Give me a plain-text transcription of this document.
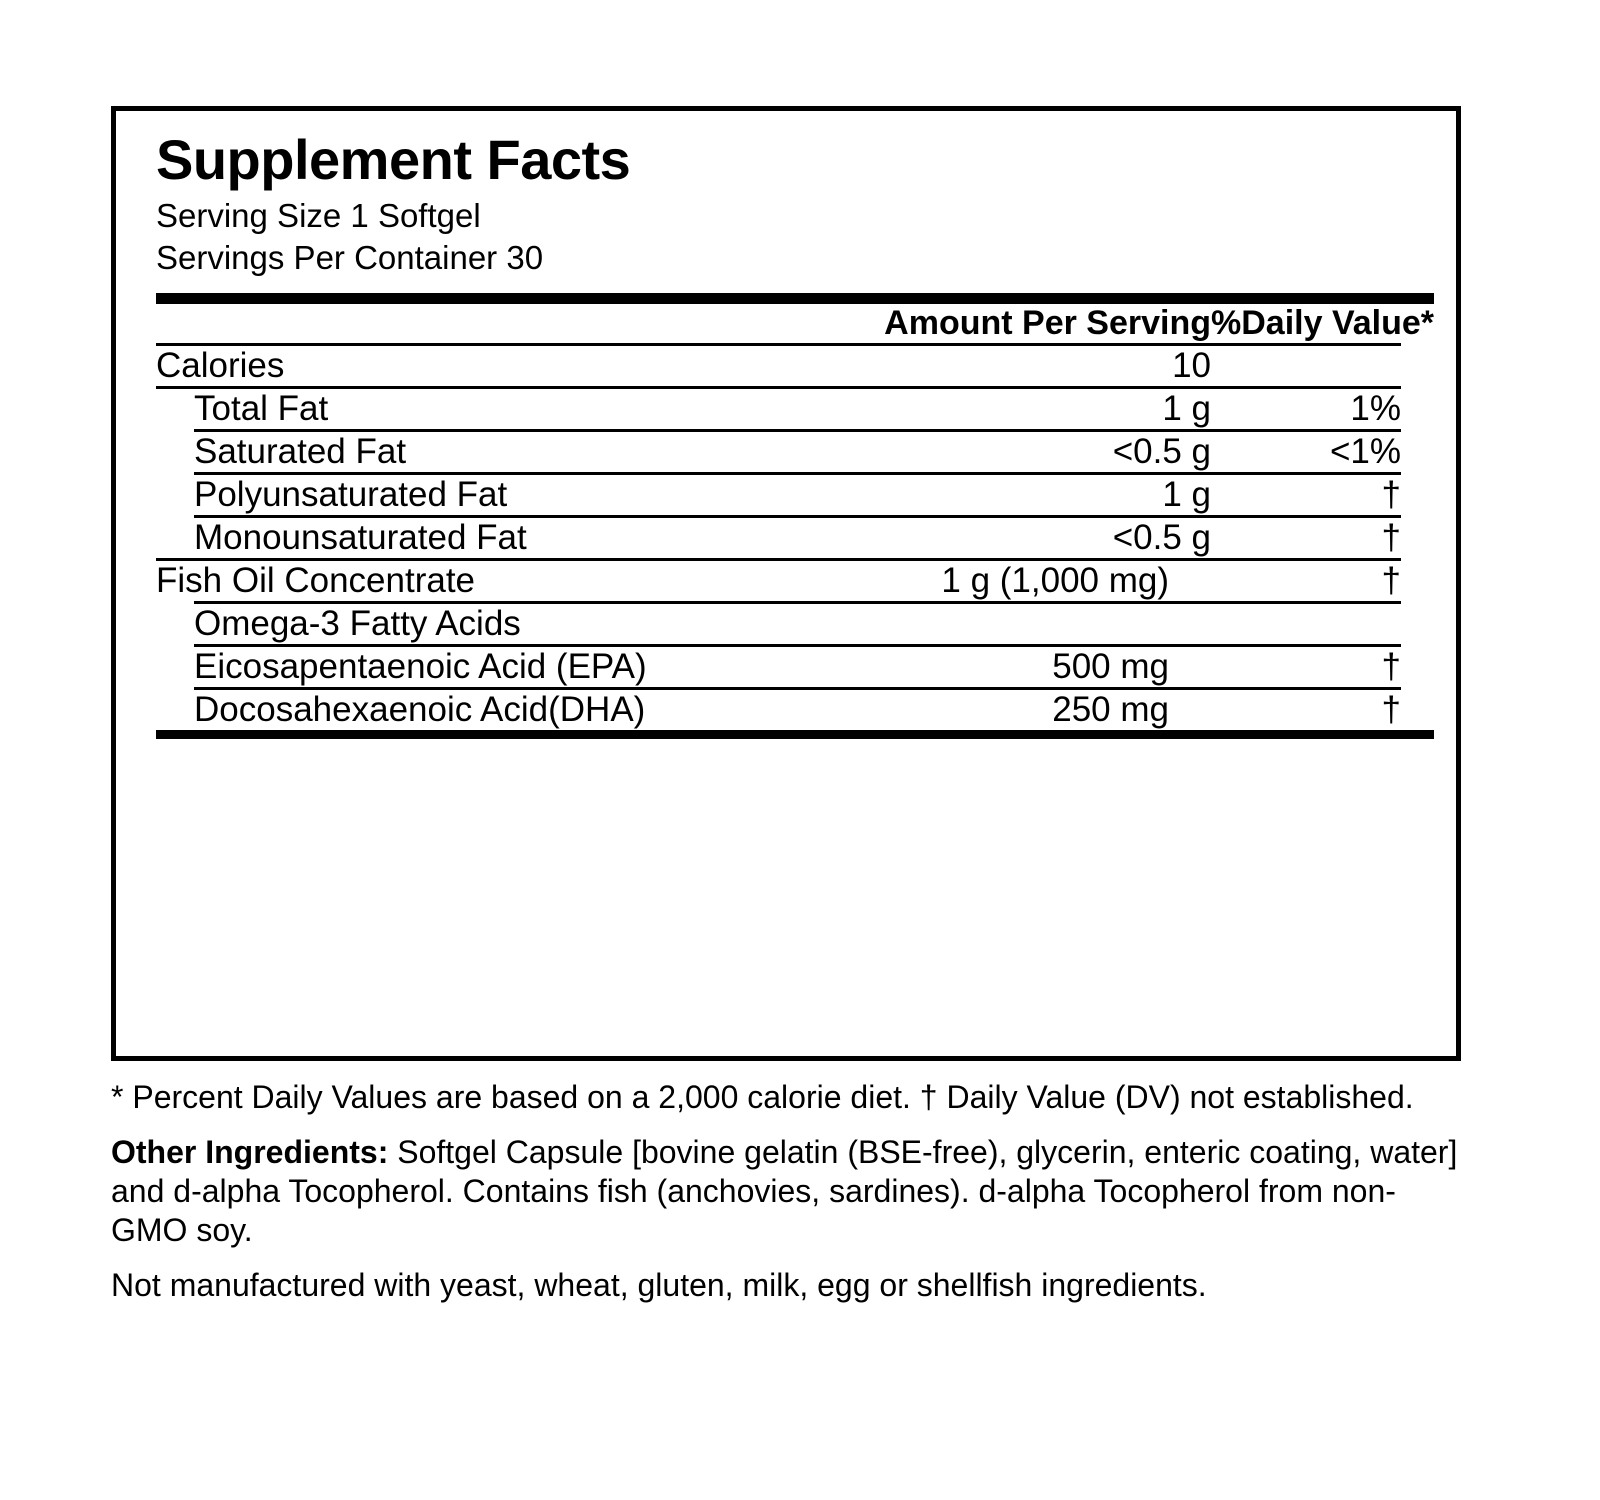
Supplement Facts
Serving Size 1 Softgel
Servings Per Container 30
	Amount Per Serving	%Daily Value*

Calories	10	

Total Fat	1 g	1%

Saturated Fat	<0.5 g	<1%

Polyunsaturated Fat	1 g	†

Monounsaturated Fat	<0.5 g	†

Fish Oil Concentrate	1 g (1,000 mg)	†

Omega-3 Fatty Acids		

Eicosapentaenoic Acid (EPA)	500 mg	†

Docosahexaenoic Acid(DHA)	250 mg	†
* Percent Daily Values are based on a 2,000 calorie diet. † Daily Value (DV) not established.
Other Ingredients: Softgel Capsule [bovine gelatin (BSE-free), glycerin, enteric coating, water] and d-alpha Tocopherol. Contains fish (anchovies, sardines). d-alpha Tocopherol from non-GMO soy.
Not manufactured with yeast, wheat, gluten, milk, egg or shellfish ingredients.
